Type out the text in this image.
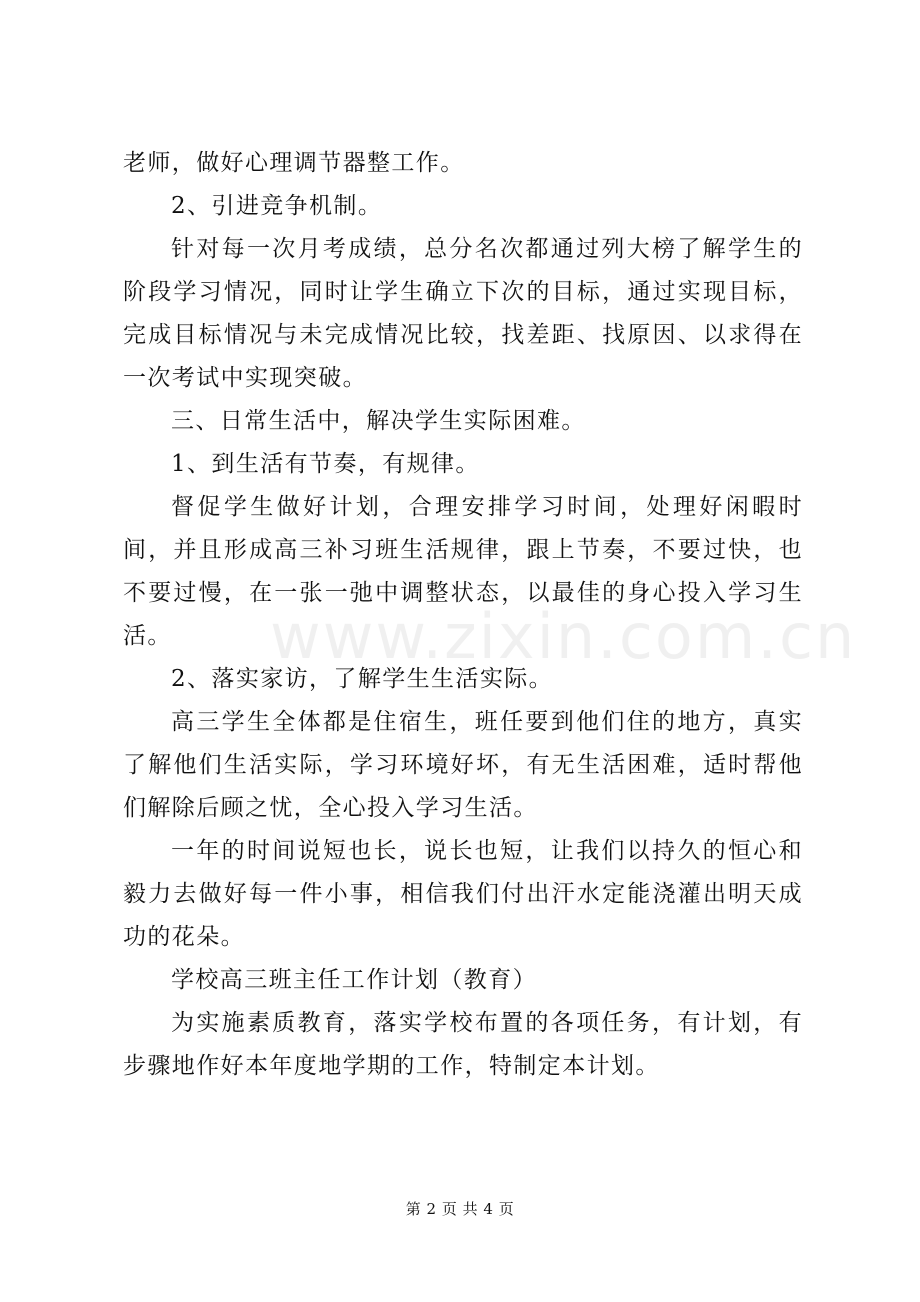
www.zixin.com.cn

老师，做好心理调节器整工作。

2、引进竞争机制。

针对每一次月考成绩，总分名次都通过列大榜了解学生的阶段学习情况，同时让学生确立下次的目标，通过实现目标，完成目标情况与未完成情况比较，找差距、找原因、以求得在一次考试中实现突破。

三、日常生活中，解决学生实际困难。

1、到生活有节奏，有规律。

督促学生做好计划，合理安排学习时间，处理好闲暇时间，并且形成高三补习班生活规律，跟上节奏，不要过快，也不要过慢，在一张一弛中调整状态，以最佳的身心投入学习生活。

2、落实家访，了解学生生活实际。

高三学生全体都是住宿生，班任要到他们住的地方，真实了解他们生活实际，学习环境好坏，有无生活困难，适时帮他们解除后顾之忧，全心投入学习生活。

一年的时间说短也长，说长也短，让我们以持久的恒心和毅力去做好每一件小事，相信我们付出汗水定能浇灌出明天成功的花朵。

学校高三班主任工作计划（教育）

为实施素质教育，落实学校布置的各项任务，有计划，有步骤地作好本年度地学期的工作，特制定本计划。

第 2 页 共 4 页
